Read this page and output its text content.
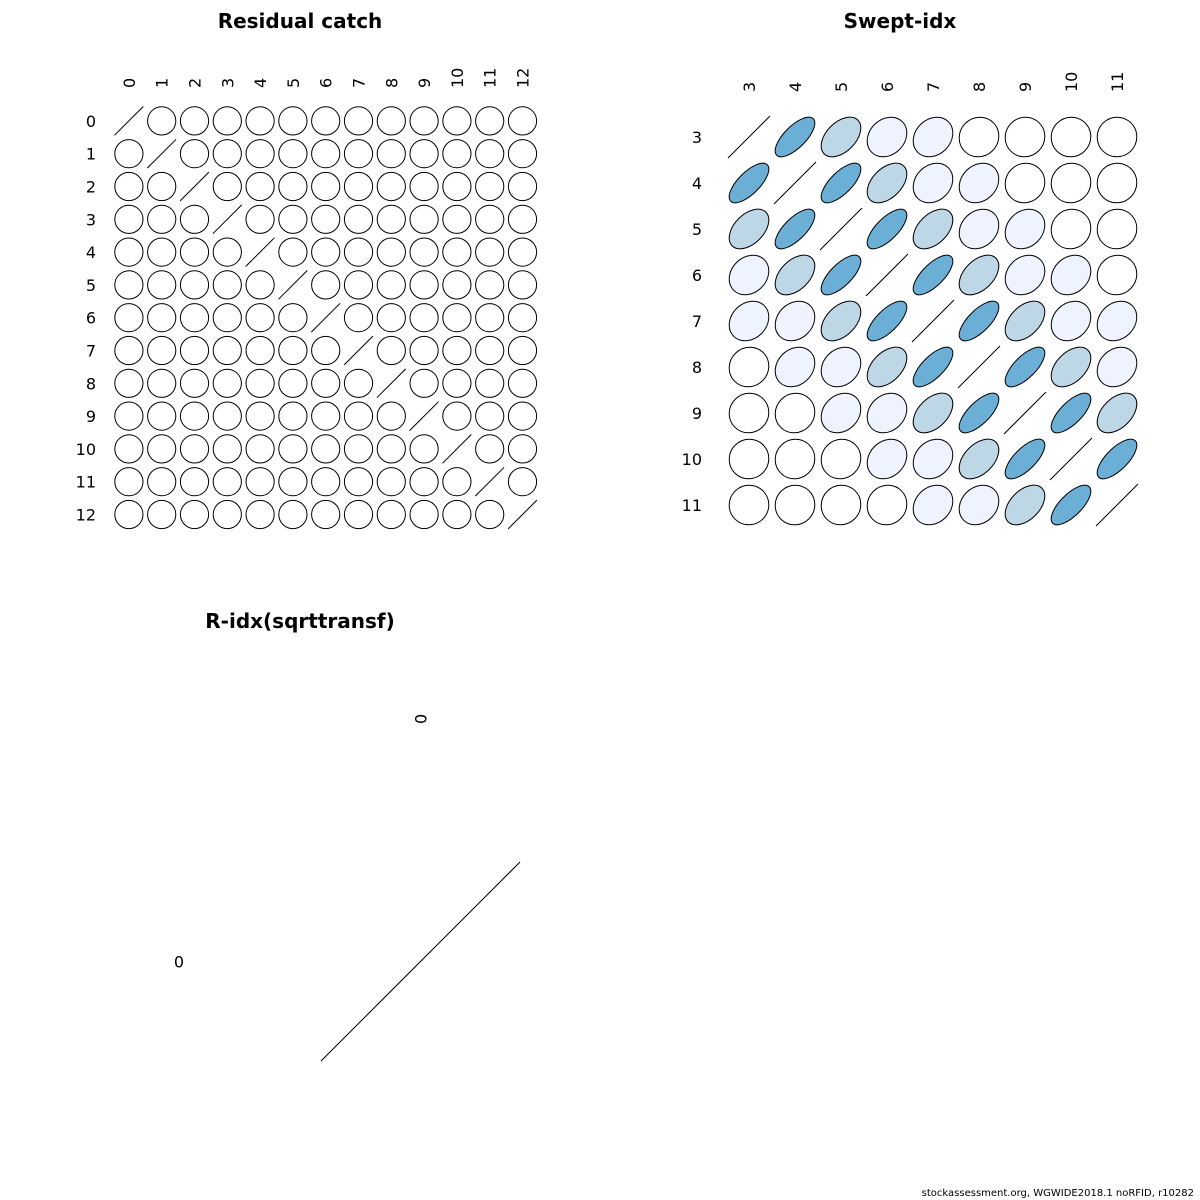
Residual catch
0 1 2 3 4 5 6 7 8 9 10 11 12
0
1
2
3
4
5
6
7
8
9
10
11
12
Swept-idx
3 4 5 6 7 8 9 10 11
3
4
5
6
7
8
9
10
11
R-idx(sqrttransf)
0
0
stockassessment.org, WGWIDE2018.1 noRFID, r10282
